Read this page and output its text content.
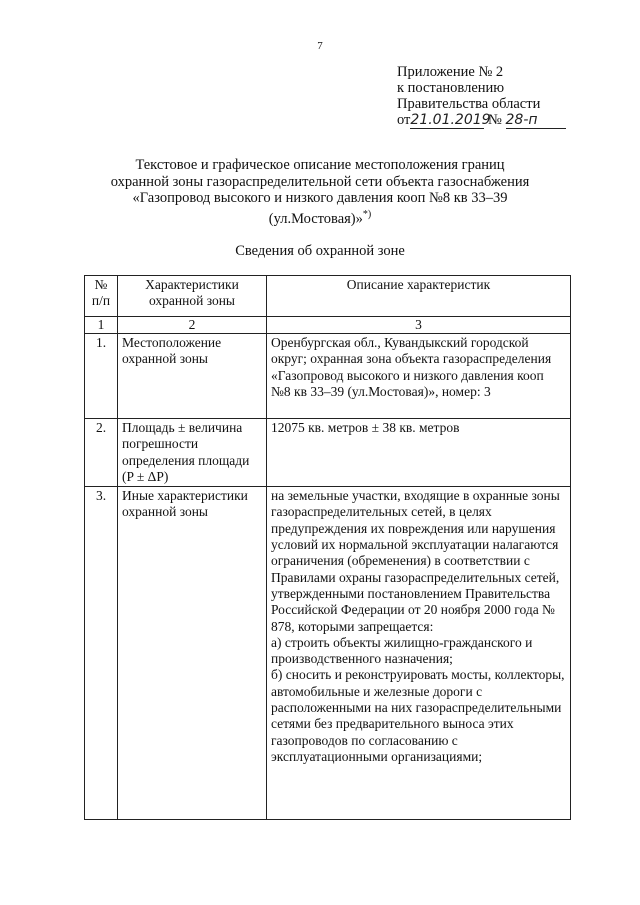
7
Приложение № 2
к постановлению
Правительства области
от21.01.2019 № 28-п
Текстовое и графическое описание местоположения границ
охранной зоны газораспределительной сети объекта газоснабжения
«Газопровод высокого и низкого давления кооп №8 кв 33–39
(ул.Мостовая)»*)
Сведения об охранной зоне
№ п/п	Характеристики охранной зоны	Описание характеристик
1	2	3
1.	Местоположение охранной зоны	Оренбургская обл., Кувандыкский городской округ; охранная зона объекта газораспределения «Газопровод высокого и низкого давления кооп №8 кв 33–39 (ул.Мостовая)», номер: 3
2.	Площадь ± величина погрешности определения площади (P ± ΔP)	12075 кв. метров ± 38 кв. метров
3.	Иные характеристики охранной зоны	на земельные участки, входящие в охранные зоны газораспределительных сетей, в целях предупреждения их повреждения или нарушения условий их нормальной эксплуатации налагаются ограничения (обременения) в соответствии с Правилами охраны газораспределительных сетей, утвержденными постановлением Правительства Российской Федерации от 20 ноября 2000 года № 878, которыми запрещается:
а) строить объекты жилищно-гражданского и производственного назначения;
б) сносить и реконструировать мосты, коллекторы, автомобильные и железные дороги с расположенными на них газораспределительными сетями без предварительного выноса этих газопроводов по согласованию с эксплуатационными организациями;
